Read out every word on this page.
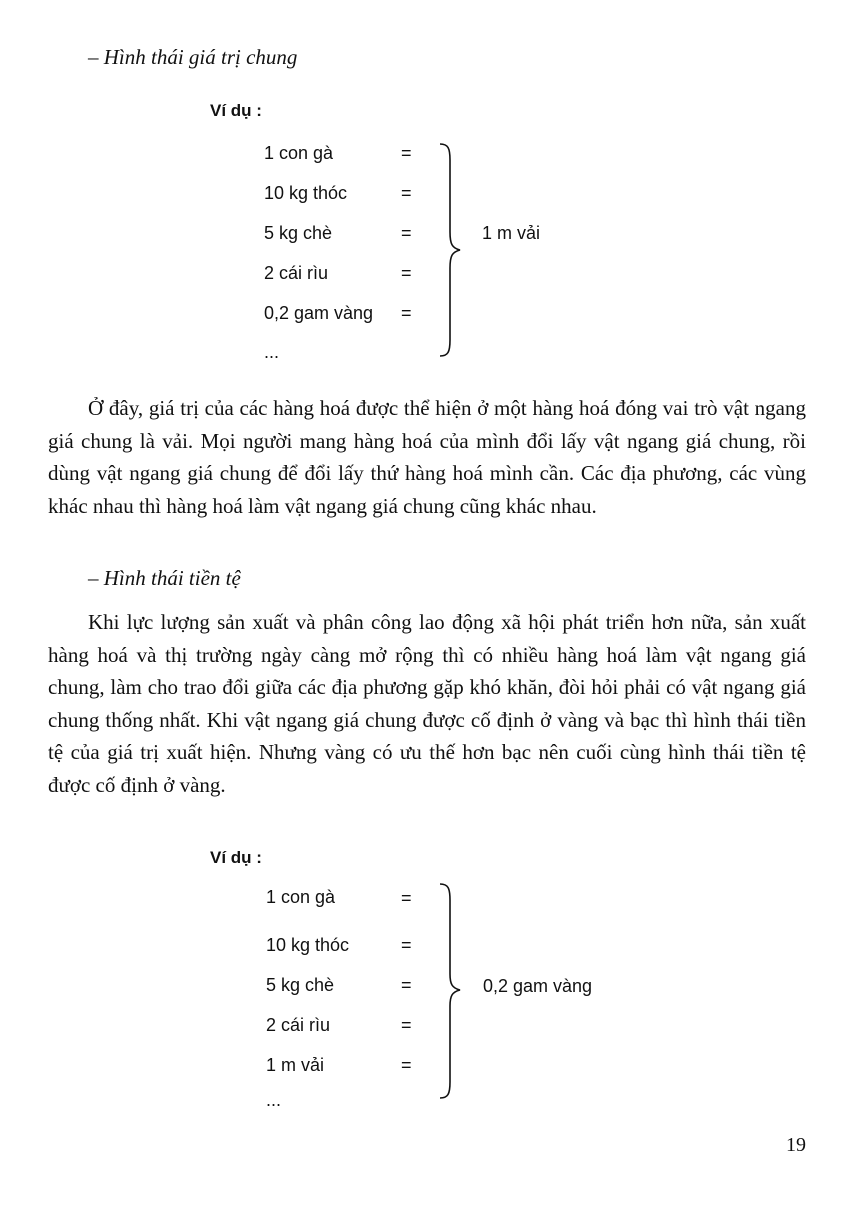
– Hình thái giá trị chung
Ví dụ :
1 con gà
10 kg thóc
5 kg chè
2 cái rìu
0,2 gam vàng
...
=
=
=
=
=
1 m vải

Ở đây, giá trị của các hàng hoá được thể hiện ở một hàng hoá đóng vai trò vật ngang giá chung là vải. Mọi người mang hàng hoá của mình đổi lấy vật ngang giá chung, rồi dùng vật ngang giá chung để đổi lấy thứ hàng hoá mình cần. Các địa phương, các vùng khác nhau thì hàng hoá làm vật ngang giá chung cũng khác nhau.

– Hình thái tiền tệ

Khi lực lượng sản xuất và phân công lao động xã hội phát triển hơn nữa, sản xuất hàng hoá và thị trường ngày càng mở rộng thì có nhiều hàng hoá làm vật ngang giá chung, làm cho trao đổi giữa các địa phương gặp khó khăn, đòi hỏi phải có vật ngang giá chung thống nhất. Khi vật ngang giá chung được cố định ở vàng và bạc thì hình thái tiền tệ của giá trị xuất hiện. Nhưng vàng có ưu thế hơn bạc nên cuối cùng hình thái tiền tệ được cố định ở vàng.

Ví dụ :
1 con gà
10 kg thóc
5 kg chè
2 cái rìu
1 m vải
...
=
=
=
=
=
0,2 gam vàng
19
